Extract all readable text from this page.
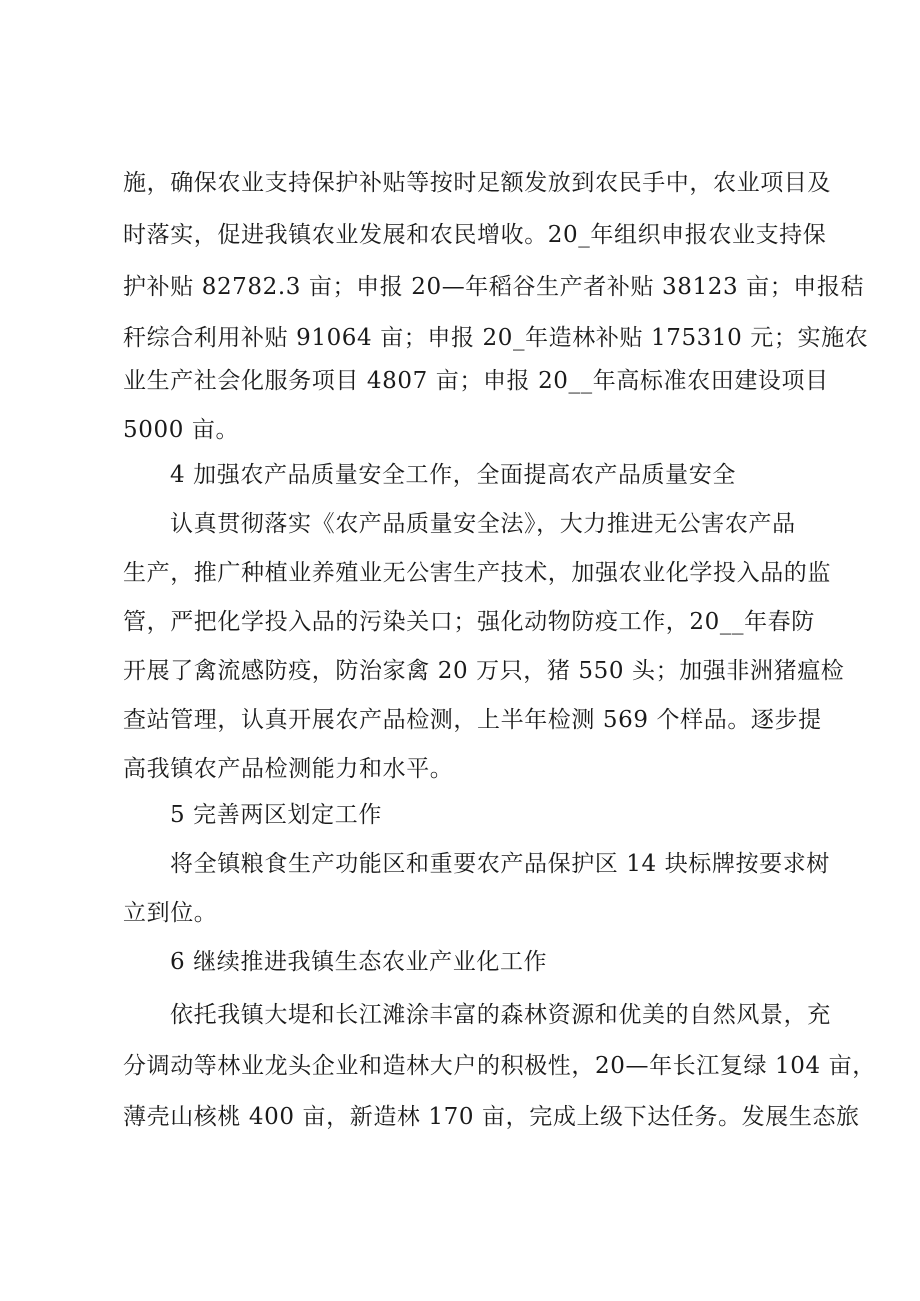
施，确保农业支持保护补贴等按时足额发放到农民手中，农业项目及
时落实，促进我镇农业发展和农民增收。20_年组织申报农业支持保
护补贴 82782.3 亩；申报 20—年稻谷生产者补贴 38123 亩；申报秸
秆综合利用补贴 91064 亩；申报 20_年造林补贴 175310 元；实施农
业生产社会化服务项目 4807 亩；申报 20__年高标准农田建设项目
5000 亩。
4 加强农产品质量安全工作，全面提高农产品质量安全
认真贯彻落实《农产品质量安全法》，大力推进无公害农产品
生产，推广种植业养殖业无公害生产技术，加强农业化学投入品的监
管，严把化学投入品的污染关口；强化动物防疫工作，20__年春防
开展了禽流感防疫，防治家禽 20 万只，猪 550 头；加强非洲猪瘟检
查站管理，认真开展农产品检测，上半年检测 569 个样品。逐步提
高我镇农产品检测能力和水平。
5 完善两区划定工作
将全镇粮食生产功能区和重要农产品保护区 14 块标牌按要求树
立到位。
6 继续推进我镇生态农业产业化工作
依托我镇大堤和长江滩涂丰富的森林资源和优美的自然风景，充
分调动等林业龙头企业和造林大户的积极性，20—年长江复绿 104 亩，
薄壳山核桃 400 亩，新造林 170 亩，完成上级下达任务。发展生态旅
